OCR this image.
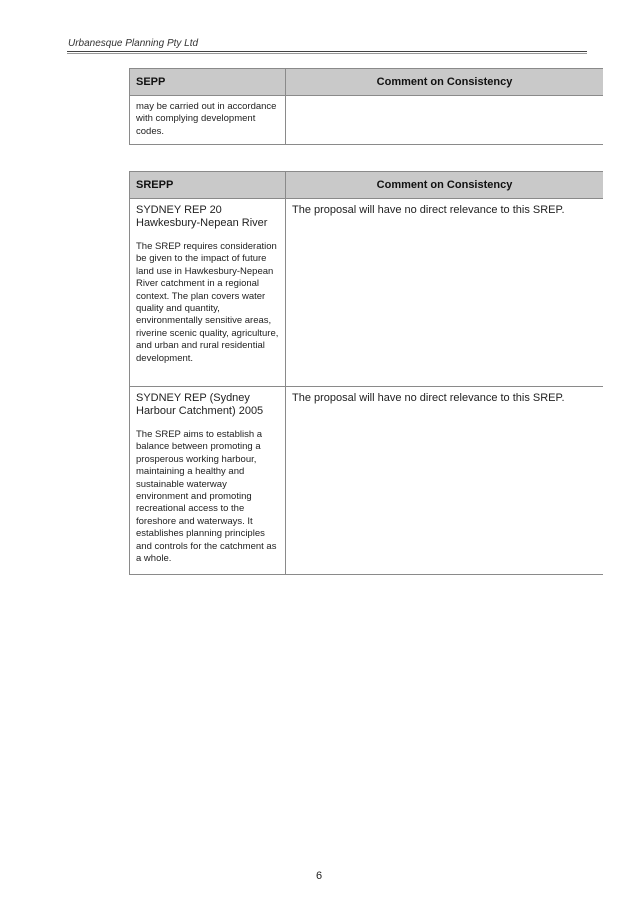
Urbanesque Planning Pty Ltd
SEPP	Comment on Consistency

may be carried out in accordance with complying development codes.	

SREPP	Comment on Consistency

SYDNEY REP 20 Hawkesbury-Nepean River
The SREP requires consideration be given to the impact of future land use in Hawkesbury-Nepean River catchment in a regional context. The plan covers water quality and quantity, environmentally sensitive areas, riverine scenic quality, agriculture, and urban and rural residential development.	The proposal will have no direct relevance to this SREP.

SYDNEY REP (Sydney Harbour Catchment) 2005
The SREP aims to establish a balance between promoting a prosperous working harbour, maintaining a healthy and sustainable waterway environment and promoting recreational access to the foreshore and waterways. It establishes planning principles and controls for the catchment as a whole.	The proposal will have no direct relevance to this SREP.
6
